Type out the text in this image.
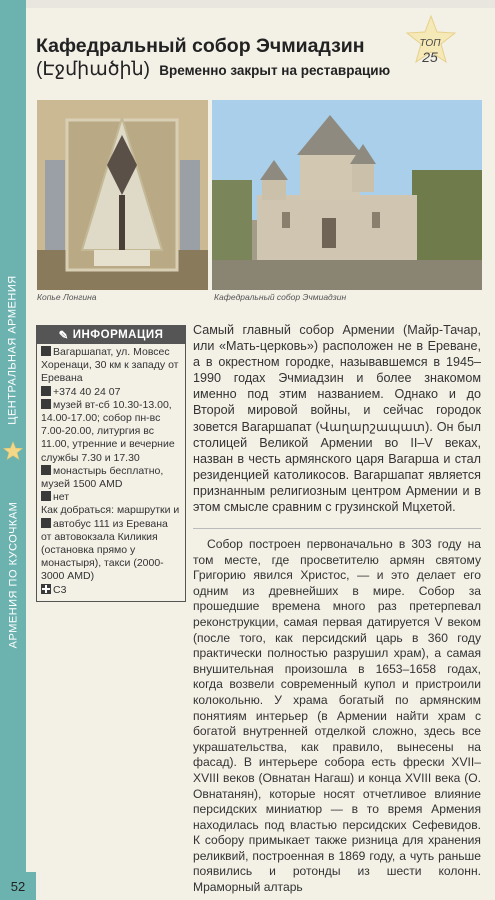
ЦЕНТРАЛЬНАЯ АРМЕНИЯ
АРМЕНИЯ ПО КУСОЧКАМ
52
Кафедральный собор Эчмиадзин
(Էջմիածին) Временно закрыт на реставрацию
ТОП
25
Копье Лонгина	Кафедральный собор Эчмиадзин
✎ ИНФОРМАЦИЯ
Вагаршапат, ул. Мовсес Хоренаци, 30 км к западу от Еревана
+374 40 24 07
музей вт-сб 10.30-13.00, 14.00-17.00; собор пн-вс 7.00-20.00, литургия вс 11.00, утренние и вечерние службы 7.30 и 17.30
монастырь бесплатно, музей 1500 AMD
нет
Как добраться: маршрутки и автобус 111 из Еревана от автовокзала Киликия (остановка прямо у монастыря), такси (2000-3000 AMD)
С3

Самый главный собор Армении (Майр-Тачар, или «Мать-церковь») расположен не в Ереване, а в окрестном городке, называвшемся в 1945–1990 годах Эчмиадзин и более знакомом именно под этим названием. Однако и до Второй мировой войны, и сейчас городок зовется Вагаршапат (Վաղարշապատ). Он был столицей Великой Армении во II–V веках, назван в честь армянского царя Вагарша и стал резиденцией католикосов. Вагаршапат является признанным религиозным центром Армении и в этом смысле сравним с грузинской Мцхетой.

Собор построен первоначально в 303 году на том месте, где просветителю армян святому Григорию явился Христос, — и это делает его одним из древнейших в мире. Собор за прошедшие времена много раз претерпевал реконструкции, самая первая датируется V веком (после того, как персидский царь в 360 году практически полностью разрушил храм), а самая внушительная произошла в 1653–1658 годах, когда возвели современный купол и пристроили колокольню. У храма богатый по армянским понятиям интерьер (в Армении найти храм с богатой внутренней отделкой сложно, здесь все украшательства, как правило, вынесены на фасад). В интерьере собора есть фрески XVII–XVIII веков (Овнатан Нагаш) и конца XVIII века (О. Овнатанян), которые носят отчетливое влияние персидских миниатюр — в то время Армения находилась под властью персидских Сефевидов. К собору примыкает также ризница для хранения реликвий, построенная в 1869 году, а чуть раньше появились и ротонды из шести колонн. Мраморный алтарь
